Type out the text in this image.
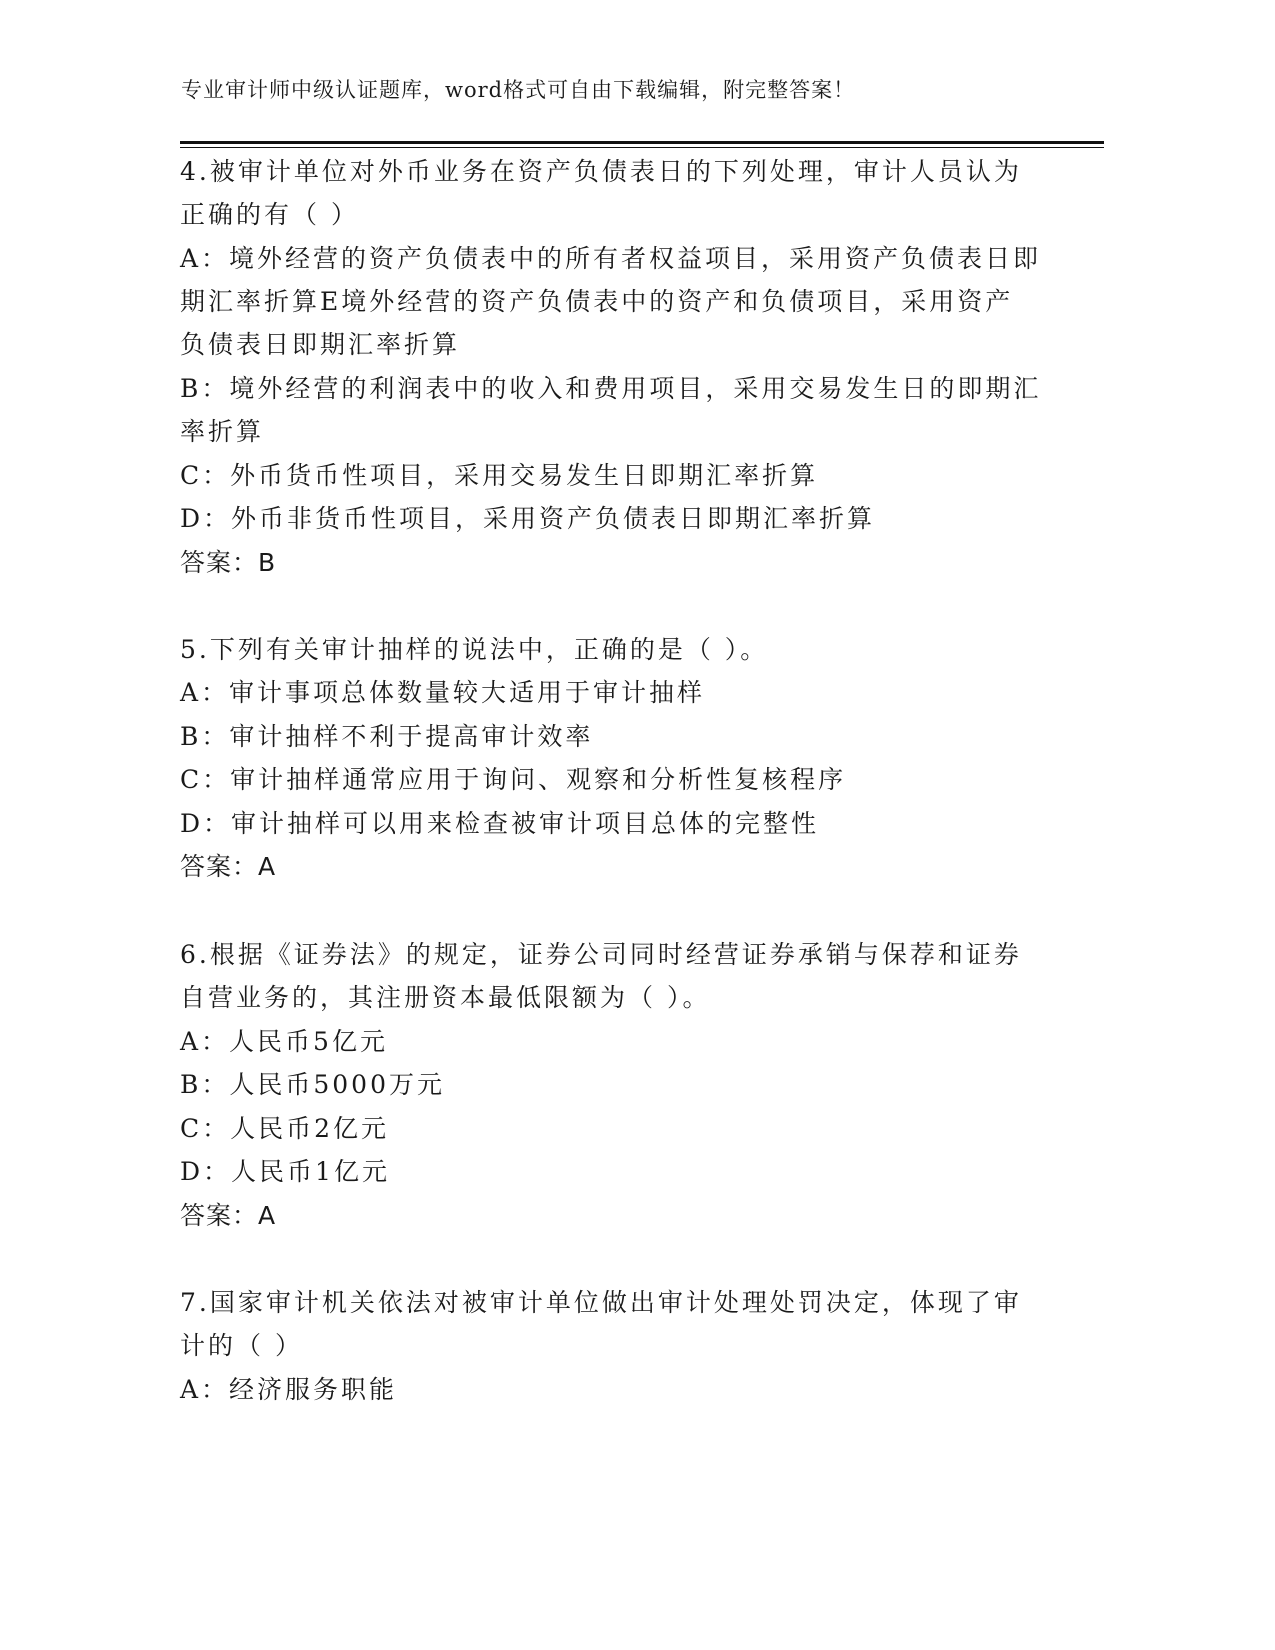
专业审计师中级认证题库，word格式可自由下载编辑，附完整答案！
4.被审计单位对外币业务在资产负债表日的下列处理，审计人员认为
正确的有（ ）
A：境外经营的资产负债表中的所有者权益项目，采用资产负债表日即
期汇率折算E境外经营的资产负债表中的资产和负债项目，采用资产
负债表日即期汇率折算
B：境外经营的利润表中的收入和费用项目，采用交易发生日的即期汇
率折算
C：外币货币性项目，采用交易发生日即期汇率折算
D：外币非货币性项目，采用资产负债表日即期汇率折算
答案：B
5.下列有关审计抽样的说法中，正确的是（ ）。
A：审计事项总体数量较大适用于审计抽样
B：审计抽样不利于提高审计效率
C：审计抽样通常应用于询问、观察和分析性复核程序
D：审计抽样可以用来检查被审计项目总体的完整性
答案：A
6.根据《证券法》的规定，证券公司同时经营证券承销与保荐和证券
自营业务的，其注册资本最低限额为（ ）。
A：人民币5亿元
B：人民币5000万元
C：人民币2亿元
D：人民币1亿元
答案：A
7.国家审计机关依法对被审计单位做出审计处理处罚决定，体现了审
计的（ ）
A：经济服务职能
